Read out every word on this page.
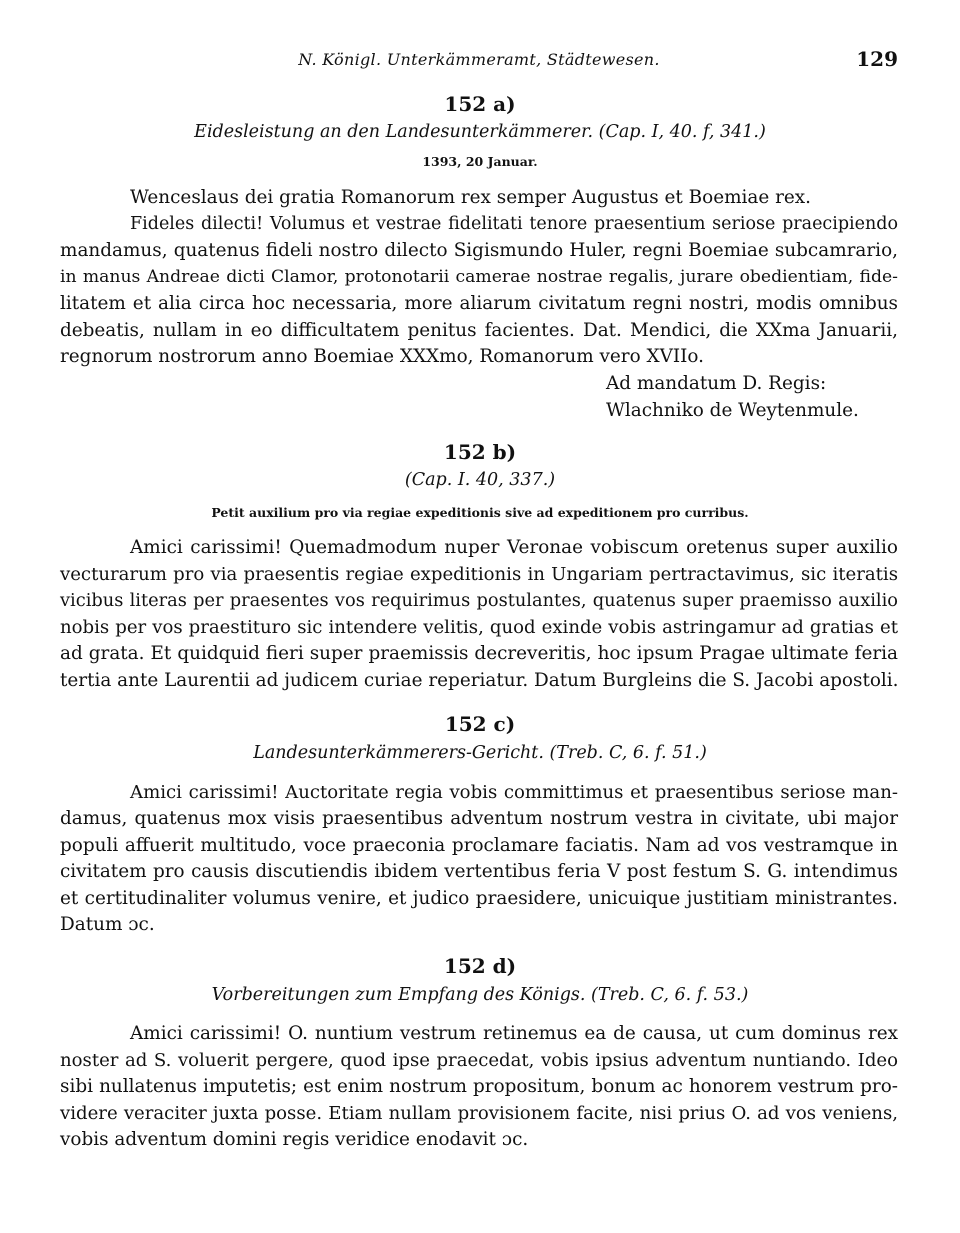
N. Königl. Unterkämmeramt, Städtewesen.	129
152 a)
Eidesleistung an den Landesunterkämmerer. (Cap. I, 40. f, 341.)
1393, 20 Januar.
Wenceslaus dei gratia Romanorum rex semper Augustus et Boemiae rex.
Fideles dilecti! Volumus et vestrae fidelitati tenore praesentium seriose praecipiendo
mandamus, quatenus fideli nostro dilecto Sigismundo Huler, regni Boemiae subcamrario,
in manus Andreae dicti Clamor, protonotarii camerae nostrae regalis, jurare obedientiam, fide-
litatem et alia circa hoc necessaria, more aliarum civitatum regni nostri, modis omnibus
debeatis, nullam in eo difficultatem penitus facientes. Dat. Mendici, die XXma Januarii,
regnorum nostrorum anno Boemiae XXXmo, Romanorum vero XVIIo.
Ad mandatum D. Regis:
Wlachniko de Weytenmule.
152 b)
(Cap. I. 40, 337.)
Petit auxilium pro via regiae expeditionis sive ad expeditionem pro curribus.
Amici carissimi! Quemadmodum nuper Veronae vobiscum oretenus super auxilio
vecturarum pro via praesentis regiae expeditionis in Ungariam pertractavimus, sic iteratis
vicibus literas per praesentes vos requirimus postulantes, quatenus super praemisso auxilio
nobis per vos praestituro sic intendere velitis, quod exinde vobis astringamur ad gratias et
ad grata. Et quidquid fieri super praemissis decreveritis, hoc ipsum Pragae ultimate feria
tertia ante Laurentii ad judicem curiae reperiatur. Datum Burgleins die S. Jacobi apostoli.
152 c)
Landesunterkämmerers-Gericht. (Treb. C, 6. f. 51.)
Amici carissimi! Auctoritate regia vobis committimus et praesentibus seriose man-
damus, quatenus mox visis praesentibus adventum nostrum vestra in civitate, ubi major
populi affuerit multitudo, voce praeconia proclamare faciatis. Nam ad vos vestramque in
civitatem pro causis discutiendis ibidem vertentibus feria V post festum S. G. intendimus
et certitudinaliter volumus venire, et judico praesidere, unicuique justitiam ministrantes.
Datum ɔc.
152 d)
Vorbereitungen zum Empfang des Königs. (Treb. C, 6. f. 53.)
Amici carissimi! O. nuntium vestrum retinemus ea de causa, ut cum dominus rex
noster ad S. voluerit pergere, quod ipse praecedat, vobis ipsius adventum nuntiando. Ideo
sibi nullatenus imputetis; est enim nostrum propositum, bonum ac honorem vestrum pro-
videre veraciter juxta posse. Etiam nullam provisionem facite, nisi prius O. ad vos veniens,
vobis adventum domini regis veridice enodavit ɔc.
